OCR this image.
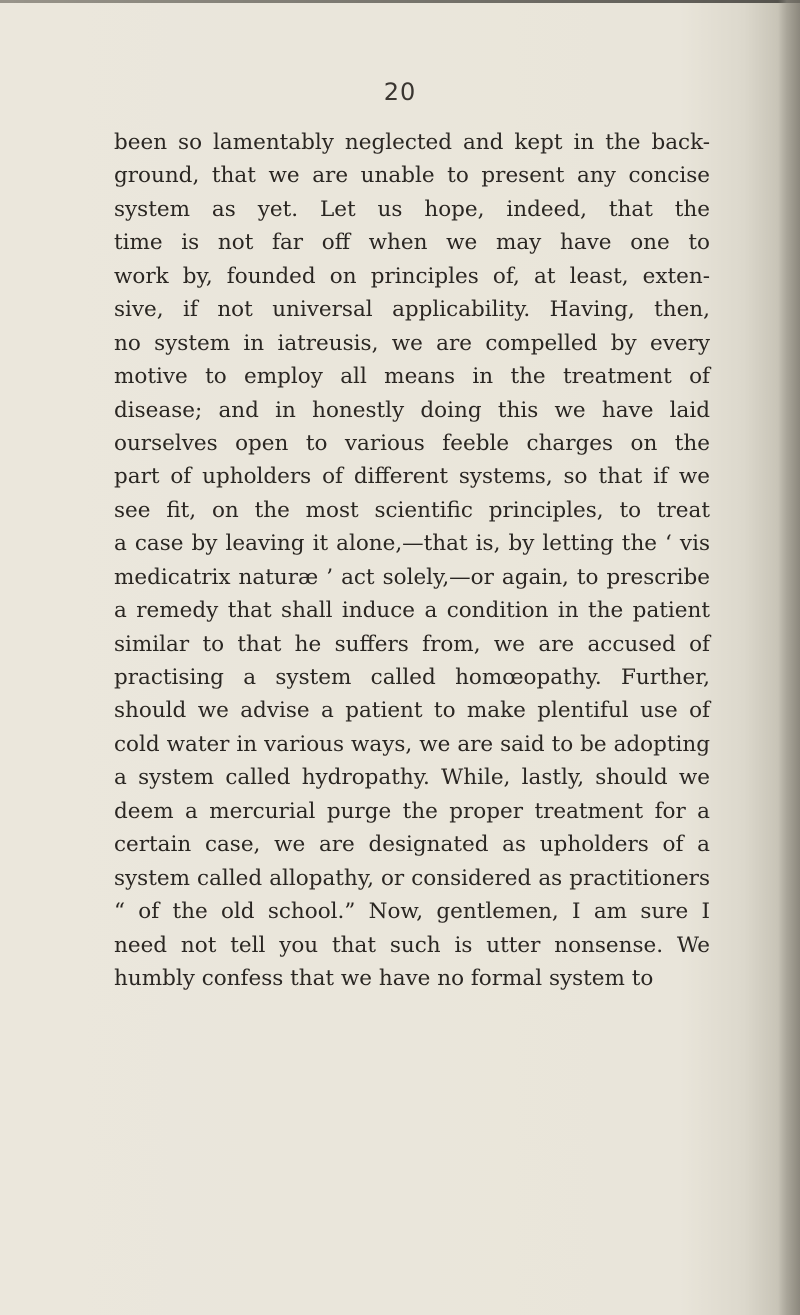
20
been so lamentably neglected and kept in the back-
ground, that we are unable to present any concise
system as yet. Let us hope, indeed, that the
time is not far off when we may have one to
work by, founded on principles of, at least, exten-
sive, if not universal applicability. Having, then,
no system in iatreusis, we are compelled by every
motive to employ all means in the treatment of
disease; and in honestly doing this we have laid
ourselves open to various feeble charges on the
part of upholders of different systems, so that if we
see fit, on the most scientific principles, to treat
a case by leaving it alone,—that is, by letting the ‘ vis
medicatrix naturæ ’ act solely,—or again, to prescribe
a remedy that shall induce a condition in the patient
similar to that he suffers from, we are accused of
practising a system called homœopathy. Further,
should we advise a patient to make plentiful use of
cold water in various ways, we are said to be adopting
a system called hydropathy. While, lastly, should we
deem a mercurial purge the proper treatment for a
certain case, we are designated as upholders of a
system called allopathy, or considered as practitioners
“ of the old school.” Now, gentlemen, I am sure I
need not tell you that such is utter nonsense. We
humbly confess that we have no formal system to
